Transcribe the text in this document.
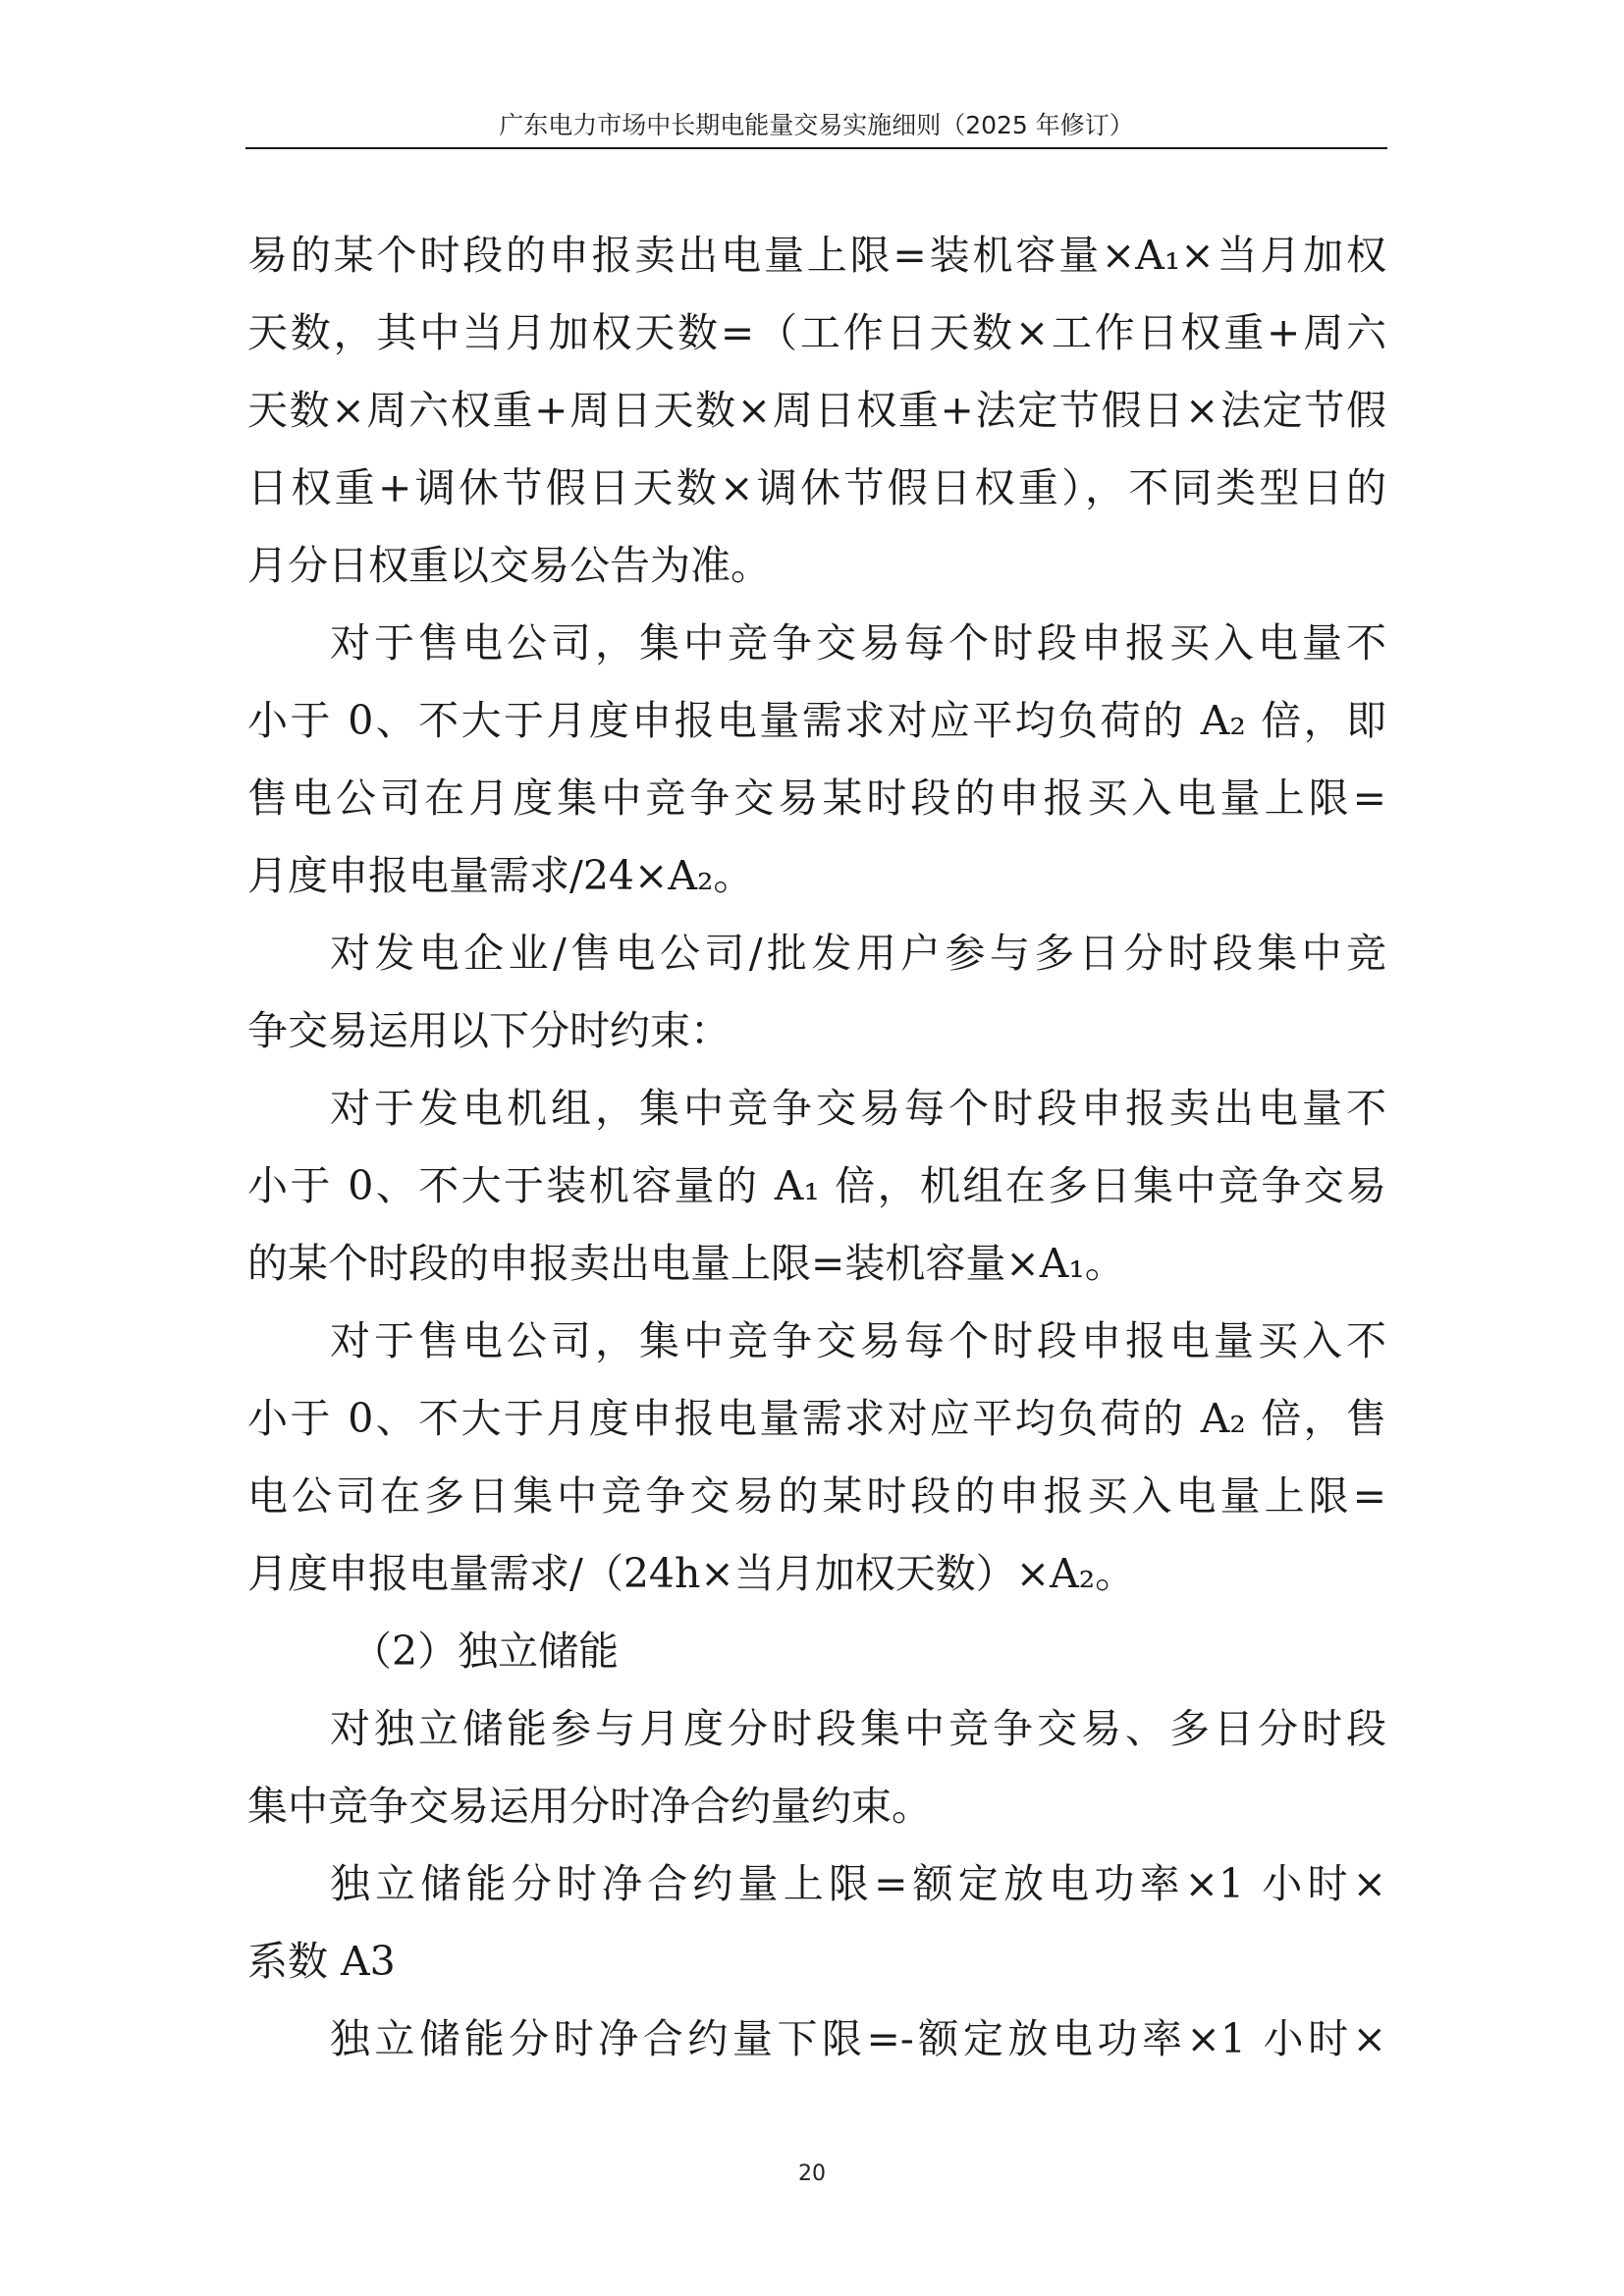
广东电力市场中长期电能量交易实施细则（2025 年修订）
易的某个时段的申报卖出电量上限=装机容量×A₁×当月加权
天数，其中当月加权天数=（工作日天数×工作日权重+周六
天数×周六权重+周日天数×周日权重+法定节假日×法定节假
日权重+调休节假日天数×调休节假日权重），不同类型日的
月分日权重以交易公告为准。
对于售电公司，集中竞争交易每个时段申报买入电量不
小于 0、不大于月度申报电量需求对应平均负荷的 A₂ 倍，即
售电公司在月度集中竞争交易某时段的申报买入电量上限=
月度申报电量需求/24×A₂。
对发电企业/售电公司/批发用户参与多日分时段集中竞
争交易运用以下分时约束：
对于发电机组，集中竞争交易每个时段申报卖出电量不
小于 0、不大于装机容量的 A₁ 倍，机组在多日集中竞争交易
的某个时段的申报卖出电量上限=装机容量×A₁。
对于售电公司，集中竞争交易每个时段申报电量买入不
小于 0、不大于月度申报电量需求对应平均负荷的 A₂ 倍，售
电公司在多日集中竞争交易的某时段的申报买入电量上限=
月度申报电量需求/（24h×当月加权天数）×A₂。
（2）独立储能
对独立储能参与月度分时段集中竞争交易、多日分时段
集中竞争交易运用分时净合约量约束。
独立储能分时净合约量上限=额定放电功率×1 小时×
系数 A3
独立储能分时净合约量下限=-额定放电功率×1 小时×
20
